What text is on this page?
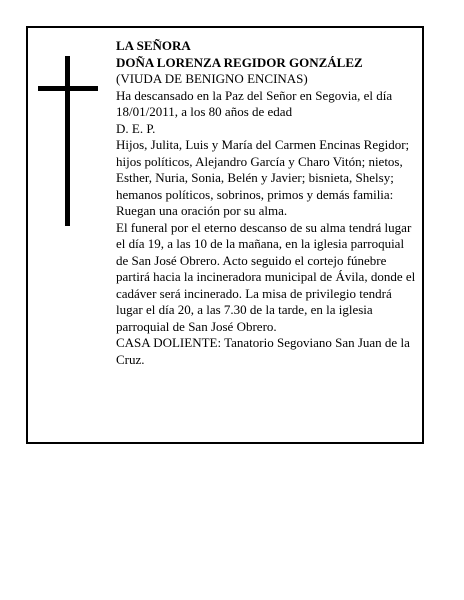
LA SEÑORA

DOÑA LORENZA REGIDOR GONZÁLEZ

(VIUDA DE BENIGNO ENCINAS)

Ha descansado en la Paz del Señor en Segovia, el día 18/01/2011, a los 80 años de edad

D. E. P.

Hijos, Julita, Luis y María del Carmen Encinas Regidor; hijos políticos, Alejandro García y Charo Vitón; nietos, Esther, Nuria, Sonia, Belén y Javier; bisnieta, Shelsy; hemanos políticos, sobrinos, primos y demás familia:

Ruegan una oración por su alma.

El funeral por el eterno descanso de su alma tendrá lugar el día 19, a las 10 de la mañana, en la iglesia parroquial de San José Obrero. Acto seguido el cortejo fúnebre partirá hacia la incineradora municipal de Ávila, donde el cadáver será incinerado. La misa de privilegio tendrá lugar el día 20, a las 7.30 de la tarde, en la iglesia parroquial de San José Obrero.

CASA DOLIENTE: Tanatorio Segoviano San Juan de la Cruz.
